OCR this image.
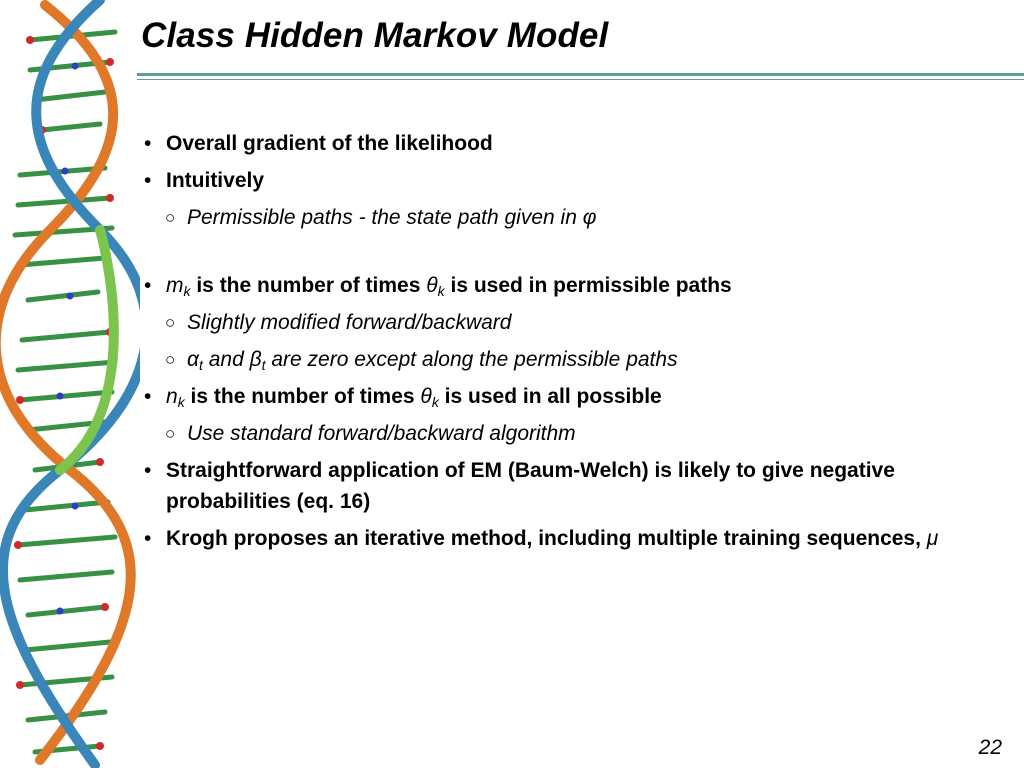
Class Hidden Markov Model
• Overall gradient of the likelihood
• Intuitively
○ Permissible paths - the state path given in φ
• $m_k$ is the number of times $\theta_k$ is used in permissible paths
○ Slightly modified forward/backward
○ $\alpha_t$ and $\beta_t$ are zero except along the permissible paths
• $n_k$ is the number of times $\theta_k$ is used in all possible
○ Use standard forward/backward algorithm
• Straightforward application of EM (Baum-Welch) is likely to give negative probabilities (eq. 16)
• Krogh proposes an iterative method, including multiple training sequences, μ

22
